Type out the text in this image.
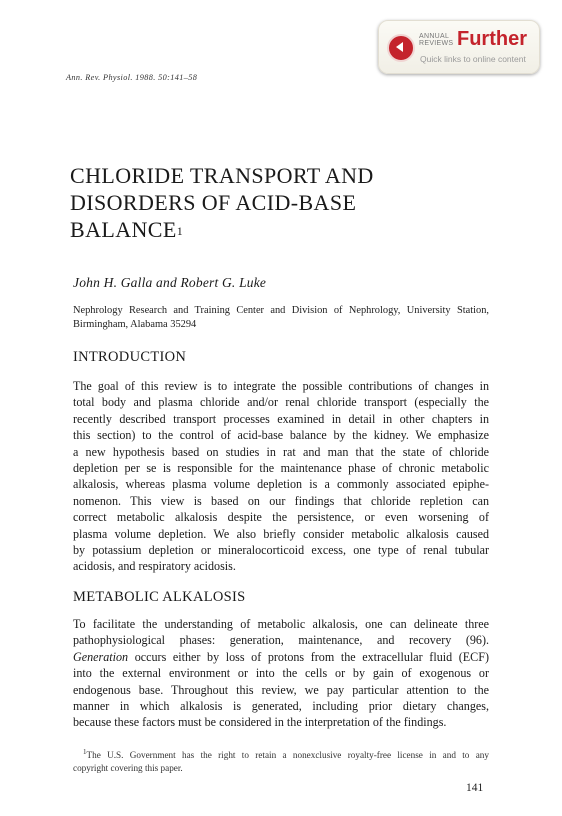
ANNUAL
REVIEWS Further
Quick links to online content
Ann. Rev. Physiol. 1988. 50:141–58
CHLORIDE TRANSPORT AND
DISORDERS OF ACID-BASE
BALANCE$^1$
John H. Galla and Robert G. Luke
Nephrology Research and Training Center and Division of Nephrology, University Station, Birmingham, Alabama 35294
INTRODUCTION
The goal of this review is to integrate the possible contributions of changes in
total body and plasma chloride and/or renal chloride transport (especially the
recently described transport processes examined in detail in other chapters in
this section) to the control of acid-base balance by the kidney. We emphasize
a new hypothesis based on studies in rat and man that the state of chloride
depletion per se is responsible for the maintenance phase of chronic metabolic
alkalosis, whereas plasma volume depletion is a commonly associated epiphe-
nomenon. This view is based on our findings that chloride repletion can
correct metabolic alkalosis despite the persistence, or even worsening of
plasma volume depletion. We also briefly consider metabolic alkalosis caused
by potassium depletion or mineralocorticoid excess, one type of renal tubular
acidosis, and respiratory acidosis.
METABOLIC ALKALOSIS
To facilitate the understanding of metabolic alkalosis, one can delineate three
pathophysiological phases: generation, maintenance, and recovery (96).
Generation occurs either by loss of protons from the extracellular fluid (ECF)
into the external environment or into the cells or by gain of exogenous or
endogenous base. Throughout this review, we pay particular attention to the
manner in which alkalosis is generated, including prior dietary changes,
because these factors must be considered in the interpretation of the findings.
$^1$The U.S. Government has the right to retain a nonexclusive royalty-free license in and to any
copyright covering this paper.
141
